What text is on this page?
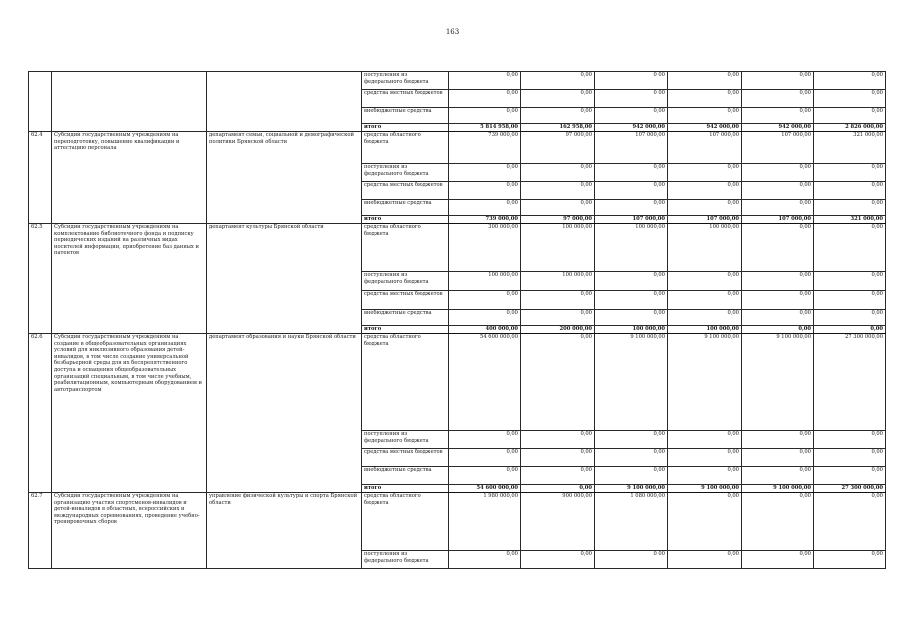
163
			поступления из федерального бюджета	0,00	0,00	0 00	0,00	0,00	0,00
			средства местных бюджетов	0,00	0,00	0 00	0,00	0,00	0,00
			внебюджетные средства	0,00	0,00	0,00	0,00	0,00	0,00
			итого	5 814 958,00	162 958,00	942 000,00	942 000,00	942 000,00	2 826 000,00
62.4	Субсидии государственным учреждениям на переподготовку, повышение квалификации и аттестацию персонала	департамент семьи, социальной и демографической политики Брянской области	средства областного бюджета	739 000,00	97 000,00	107 000,00	107 000,00	107 000,00	321 000,00
			поступления из федерального бюджета	0,00	0,00	0,00	0,00	0,00	0,00
			средства местных бюджетов	0,00	0,00	0,00	0,00	0,00	0,00
			внебюджетные средства	0,00	0,00	0,00	0,00	0,00	0,00
			итого	739 000,00	97 000,00	107 000,00	107 000,00	107 000,00	321 000,00
62.5	Субсидии государственным учреждениям на комплектование библиотечного фонда и подписку периодических изданий на различных видах носителей информации, приобретение баз данных и патентов	департамент культуры Брянской области	средства областного бюджета	300 000,00	100 000,00	100 000,00	100 000,00	0,00	0,00
			поступления из федерального бюджета	100 000,00	100 000,00	0,00	0,00	0,00	0,00
			средства местных бюджетов	0,00	0,00	0,00	0,00	0,00	0,00
			внебюджетные средства	0,00	0,00	0,00	0,00	0,00	0,00
			итого	400 000,00	200 000,00	100 000,00	100 000,00	0,00	0,00
62.6	Субсидии государственным учреждениям на создание в общеобразовательных организациях условий для инклюзивного образования детей-инвалидов, в том числе создание универсальной безбарьерной среды для их беспрепятственного доступа и оснащения общеобразовательных организаций специальным, в том числе учебным, реабилитационным, компьютерным оборудованием и автотранспортом	департамент образования и науки Брянской области	средства областного бюджета	54 600 000,00	0,00	9 100 000,00	9 100 000,00	9 100 000,00	27 300 000,00
			поступления из федерального бюджета	0,00	0,00	0,00	0,00	0,00	0,00
			средства местных бюджетов	0,00	0,00	0,00	0,00	0,00	0,00
			внебюджетные средства	0,00	0,00	0,00	0,00	0,00	0,00
			итого	54 600 000,00	0,00	9 100 000,00	9 100 000,00	9 100 000,00	27 300 000,00
62.7	Субсидии государственным учреждениям на организацию участия спортсменов-инвалидов и детей-инвалидов в областных, всероссийских и международных соревнованиях, проведение учебно-тренировочных сборов	управление физической культуры и спорта Брянской области	средства областного бюджета	1 980 000,00	900 000,00	1 080 000,00	0,00	0,00	0,00
			поступления из федерального бюджета	0,00	0,00	0 00	0,00	0,00	0,00
